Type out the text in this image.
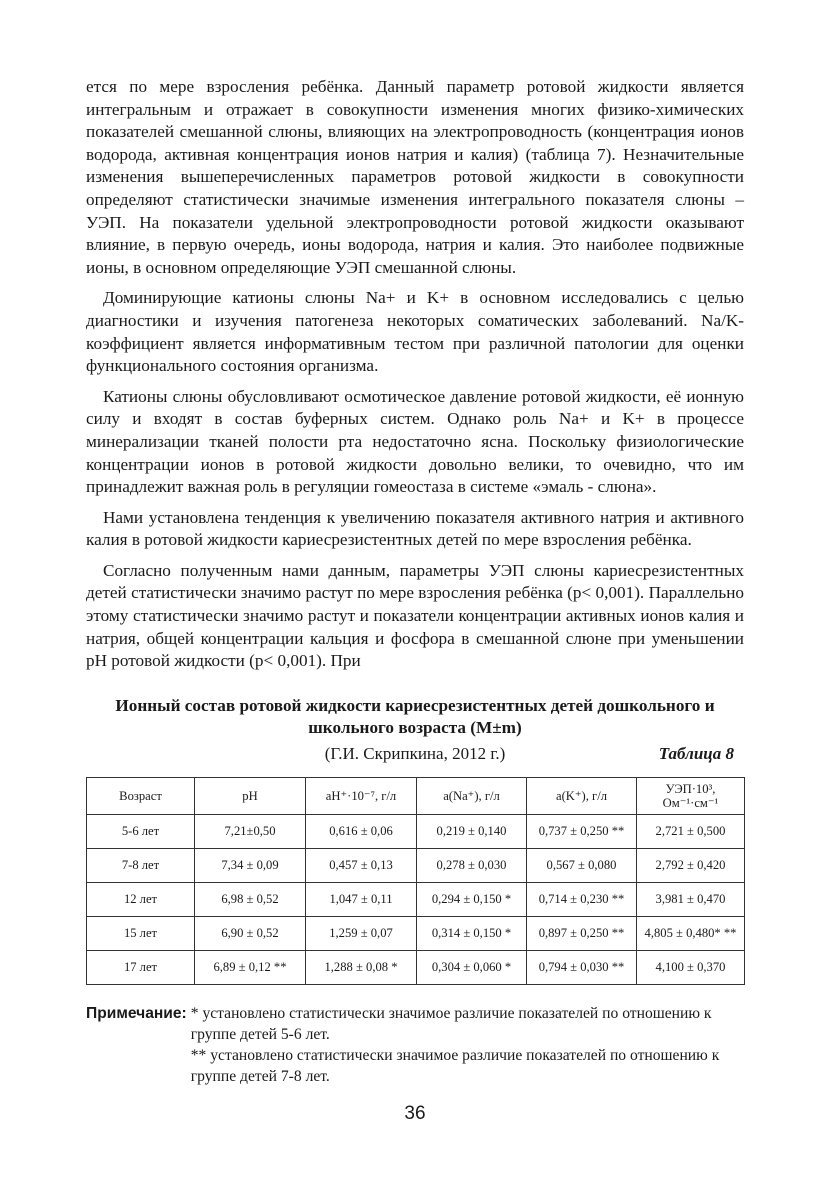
ется по мере взросления ребёнка. Данный параметр ротовой жидкости является интегральным и отражает в совокупности изменения многих физико-химических показателей смешанной слюны, влияющих на электропроводность (концентрация ионов водорода, активная концентрация ионов натрия и калия) (таблица 7). Незначительные изменения вышеперечисленных параметров ротовой жидкости в совокупности определяют статистически значимые изменения интегрального показателя слюны – УЭП. На показатели удельной электропроводности ротовой жидкости оказывают влияние, в первую очередь, ионы водорода, натрия и калия. Это наиболее подвижные ионы, в основном определяющие УЭП смешанной слюны.

Доминирующие катионы слюны Na+ и K+ в основном исследовались с целью диагностики и изучения патогенеза некоторых соматических заболеваний. Na/K-коэффициент является информативным тестом при различной патологии для оценки функционального состояния организма.

Катионы слюны обусловливают осмотическое давление ротовой жидкости, её ионную силу и входят в состав буферных систем. Однако роль Na+ и K+ в процессе минерализации тканей полости рта недостаточно ясна. Поскольку физиологические концентрации ионов в ротовой жидкости довольно велики, то очевидно, что им принадлежит важная роль в регуляции гомеостаза в системе «эмаль - слюна».

Нами установлена тенденция к увеличению показателя активного натрия и активного калия в ротовой жидкости кариесрезистентных детей по мере взросления ребёнка.

Согласно полученным нами данным, параметры УЭП слюны кариесрезистентных детей статистически значимо растут по мере взросления ребёнка (p< 0,001). Параллельно этому статистически значимо растут и показатели концентрации активных ионов калия и натрия, общей концентрации кальция и фосфора в смешанной слюне при уменьшении pH ротовой жидкости (p< 0,001). При

Ионный состав ротовой жидкости кариесрезистентных детей дошкольного и школьного возраста (M±m)
(Г.И. Скрипкина, 2012 г.)	Таблица 8
Возраст	pH	aH⁺·10⁻⁷, г/л	a(Na⁺), г/л	a(K⁺), г/л	УЭП·10³, Ом⁻¹·см⁻¹
5-6 лет	7,21±0,50	0,616 ± 0,06	0,219 ± 0,140	0,737 ± 0,250 **	2,721 ± 0,500
7-8 лет	7,34 ± 0,09	0,457 ± 0,13	0,278 ± 0,030	0,567 ± 0,080	2,792 ± 0,420
12 лет	6,98 ± 0,52	1,047 ± 0,11	0,294 ± 0,150 *	0,714 ± 0,230 **	3,981 ± 0,470
15 лет	6,90 ± 0,52	1,259 ± 0,07	0,314 ± 0,150 *	0,897 ± 0,250 **	4,805 ± 0,480* **
17 лет	6,89 ± 0,12 **	1,288 ± 0,08 *	0,304 ± 0,060 *	0,794 ± 0,030 **	4,100 ± 0,370
Примечание: * установлено статистически значимое различие показателей по отношению к группе детей 5-6 лет.
** установлено статистически значимое различие показателей по отношению к группе детей 7-8 лет.
36
